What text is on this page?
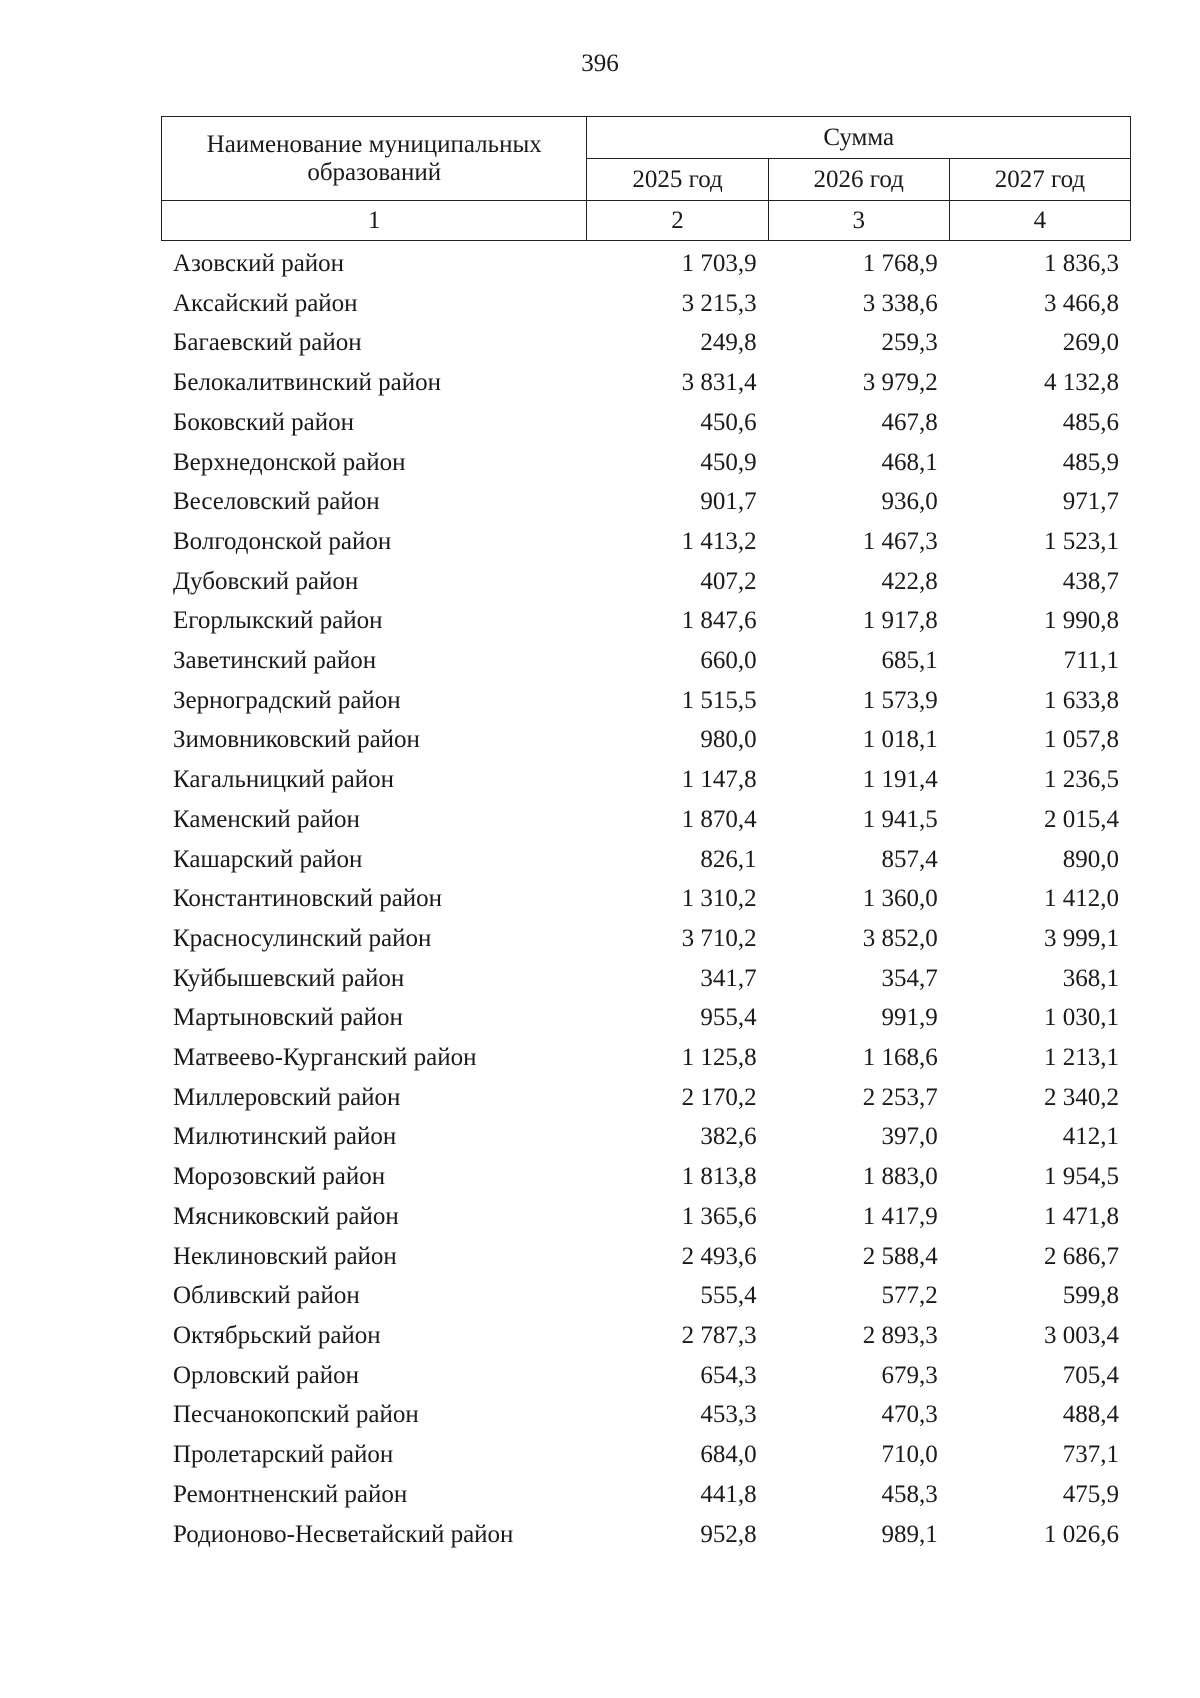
396
Наименование муниципальных образований	Сумма		
	2025 год	2026 год	2027 год
1	2	3	4
Азовский район	1 703,9	1 768,9	1 836,3
Аксайский район	3 215,3	3 338,6	3 466,8
Багаевский район	249,8	259,3	269,0
Белокалитвинский район	3 831,4	3 979,2	4 132,8
Боковский район	450,6	467,8	485,6
Верхнедонской район	450,9	468,1	485,9
Веселовский район	901,7	936,0	971,7
Волгодонской район	1 413,2	1 467,3	1 523,1
Дубовский район	407,2	422,8	438,7
Егорлыкский район	1 847,6	1 917,8	1 990,8
Заветинский район	660,0	685,1	711,1
Зерноградский район	1 515,5	1 573,9	1 633,8
Зимовниковский район	980,0	1 018,1	1 057,8
Кагальницкий район	1 147,8	1 191,4	1 236,5
Каменский район	1 870,4	1 941,5	2 015,4
Кашарский район	826,1	857,4	890,0
Константиновский район	1 310,2	1 360,0	1 412,0
Красносулинский район	3 710,2	3 852,0	3 999,1
Куйбышевский район	341,7	354,7	368,1
Мартыновский район	955,4	991,9	1 030,1
Матвеево-Курганский район	1 125,8	1 168,6	1 213,1
Миллеровский район	2 170,2	2 253,7	2 340,2
Милютинский район	382,6	397,0	412,1
Морозовский район	1 813,8	1 883,0	1 954,5
Мясниковский район	1 365,6	1 417,9	1 471,8
Неклиновский район	2 493,6	2 588,4	2 686,7
Обливский район	555,4	577,2	599,8
Октябрьский район	2 787,3	2 893,3	3 003,4
Орловский район	654,3	679,3	705,4
Песчанокопский район	453,3	470,3	488,4
Пролетарский район	684,0	710,0	737,1
Ремонтненский район	441,8	458,3	475,9
Родионово-Несветайский район	952,8	989,1	1 026,6
